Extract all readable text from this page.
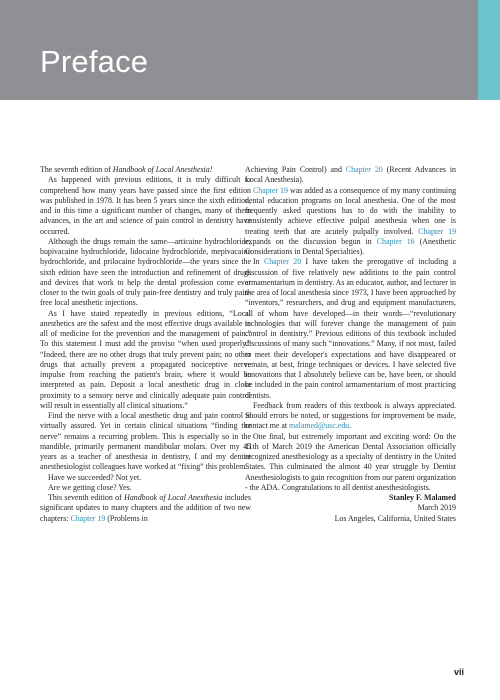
Preface

The seventh edition of Handbook of Local Anesthesia!

As happened with previous editions, it is truly difficult to comprehend how many years have passed since the first edition was published in 1978. It has been 5 years since the sixth edition, and in this time a significant number of changes, many of them advances, in the art and science of pain control in dentistry have occurred.

Although the drugs remain the same—articaine hydrochloride, bupivacaine hydrochloride, lidocaine hydrochloride, mepivacaine hydrochloride, and prilocaine hydrochloride—the years since the sixth edition have seen the introduction and refinement of drugs and devices that work to help the dental profession come ever closer to the twin goals of truly pain-free dentistry and truly pain-free local anesthetic injections.

As I have stated repeatedly in previous editions, “Local anesthetics are the safest and the most effective drugs available in all of medicine for the prevention and the management of pain.” To this statement I must add the proviso “when used properly.” “Indeed, there are no other drugs that truly prevent pain; no other drugs that actually prevent a propagated nociceptive nerve impulse from reaching the patient's brain, where it would be interpreted as pain. Deposit a local anesthetic drug in close proximity to a sensory nerve and clinically adequate pain control will result in essentially all clinical situations.”

Find the nerve with a local anesthetic drug and pain control is virtually assured. Yet in certain clinical situations “finding the nerve” remains a recurring problem. This is especially so in the mandible, primarily permanent mandibular molars. Over my 45 years as a teacher of anesthesia in dentistry, I and my dentist anesthesiologist colleagues have worked at “fixing” this problem.

Have we succeeded? Not yet.

Are we getting close? Yes.

This seventh edition of Handbook of Local Anesthesia includes significant updates to many chapters and the addition of two new chapters: Chapter 19 (Problems in

Achieving Pain Control) and Chapter 20 (Recent Advances in Local Anesthesia).

Chapter 19 was added as a consequence of my many continuing dental education programs on local anesthesia. One of the most frequently asked questions has to do with the inability to consistently achieve effective pulpal anesthesia when one is treating teeth that are acutely pulpally involved. Chapter 19 expands on the discussion begun in Chapter 16 (Anesthetic Considerations in Dental Specialties).

In Chapter 20 I have taken the prerogative of including a discussion of five relatively new additions to the pain control armamentarium in dentistry. As an educator, author, and lecturer in the area of local anesthesia since 1973, I have been approached by “inventors,” researchers, and drug and equipment manufacturers, all of whom have developed—in their words—“revolutionary technologies that will forever change the management of pain control in dentistry.” Previous editions of this textbook included discussions of many such “innovations.” Many, if not most, failed to meet their developer's expectations and have disappeared or remain, at best, fringe techniques or devices. I have selected five innovations that I absolutely believe can be, have been, or should be included in the pain control armamentarium of most practicing dentists.

Feedback from readers of this textbook is always appreciated. Should errors be noted, or suggestions for improvement be made, contact me at malamed@usc.edu.

One final, but extremely important and exciting word: On the 11th of March 2019 the American Dental Association officially recognized anesthesiology as a specialty of dentistry in the United States. This culminated the almost 40 year struggle by Dentist Anesthesiologists to gain recognition from our parent organization - the ADA. Congratulations to all dentist anesthesiologists.

Stanley F. Malamed

March 2019

Los Angeles, California, United States

vii
